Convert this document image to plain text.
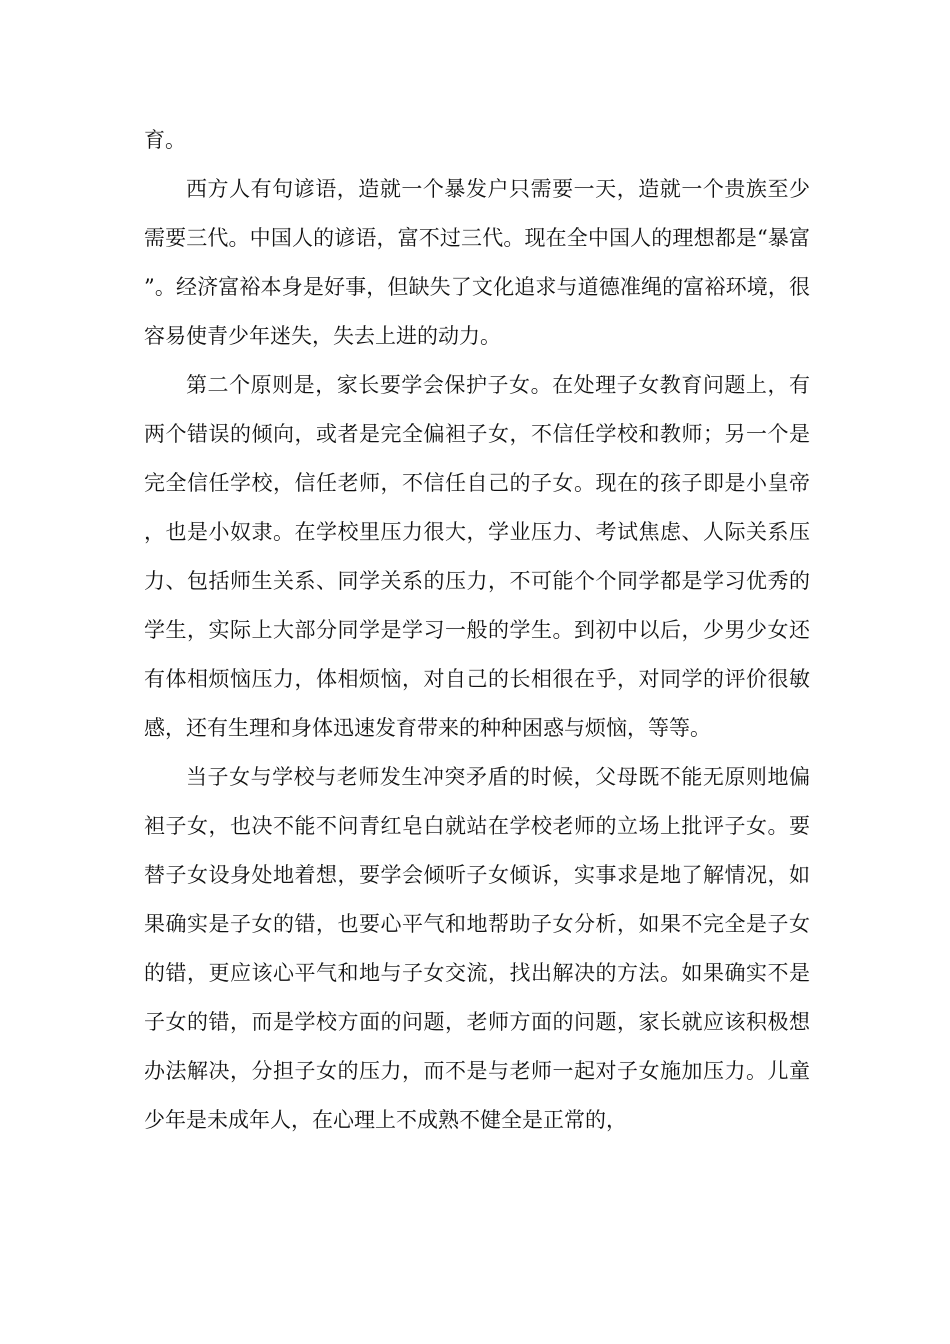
育。

西方人有句谚语，造就一个暴发户只需要一天，造就一个贵族至少需要三代。中国人的谚语，富不过三代。现在全中国人的理想都是“暴富”。经济富裕本身是好事，但缺失了文化追求与道德准绳的富裕环境，很容易使青少年迷失，失去上进的动力。

第二个原则是，家长要学会保护子女。在处理子女教育问题上，有两个错误的倾向，或者是完全偏袒子女，不信任学校和教师；另一个是完全信任学校，信任老师，不信任自己的子女。现在的孩子即是小皇帝，也是小奴隶。在学校里压力很大，学业压力、考试焦虑、人际关系压力、包括师生关系、同学关系的压力，不可能个个同学都是学习优秀的学生，实际上大部分同学是学习一般的学生。到初中以后，少男少女还有体相烦恼压力，体相烦恼，对自己的长相很在乎，对同学的评价很敏感，还有生理和身体迅速发育带来的种种困惑与烦恼，等等。

当子女与学校与老师发生冲突矛盾的时候，父母既不能无原则地偏袒子女，也决不能不问青红皂白就站在学校老师的立场上批评子女。要替子女设身处地着想，要学会倾听子女倾诉，实事求是地了解情况，如果确实是子女的错，也要心平气和地帮助子女分析，如果不完全是子女的错，更应该心平气和地与子女交流，找出解决的方法。如果确实不是子女的错，而是学校方面的问题，老师方面的问题，家长就应该积极想办法解决，分担子女的压力，而不是与老师一起对子女施加压力。儿童少年是未成年人，在心理上不成熟不健全是正常的，
